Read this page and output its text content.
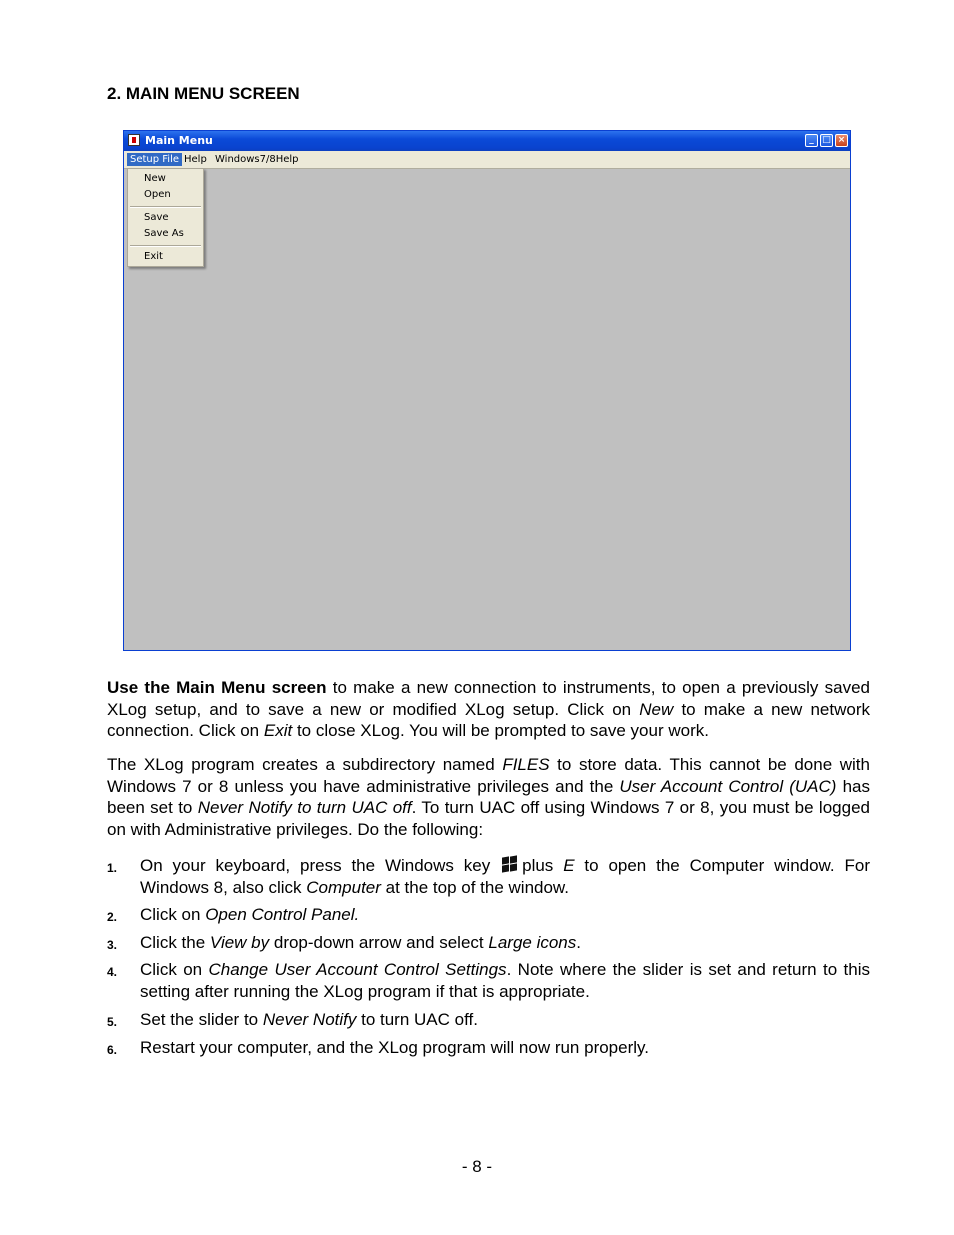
2. MAIN MENU SCREEN
Main Menu	_ □ ×
Setup File Help Windows7/8Help
New
Open
Save
Save As
Exit
Use the Main Menu screen to make a new connection to instruments, to open a previously saved XLog setup, and to save a new or modified XLog setup. Click on New to make a new network connection. Click on Exit to close XLog. You will be prompted to save your work.
The XLog program creates a subdirectory named FILES to store data. This cannot be done with Windows 7 or 8 unless you have administrative privileges and the User Account Control (UAC) has been set to Never Notify to turn UAC off. To turn UAC off using Windows 7 or 8, you must be logged on with Administrative privileges. Do the following:
1. On your keyboard, press the Windows key plus E to open the Computer window. For Windows 8, also click Computer at the top of the window.
2. Click on Open Control Panel.
3. Click the View by drop-down arrow and select Large icons.
4. Click on Change User Account Control Settings. Note where the slider is set and return to this setting after running the XLog program if that is appropriate.
5. Set the slider to Never Notify to turn UAC off.
6. Restart your computer, and the XLog program will now run properly.
- 8 -
